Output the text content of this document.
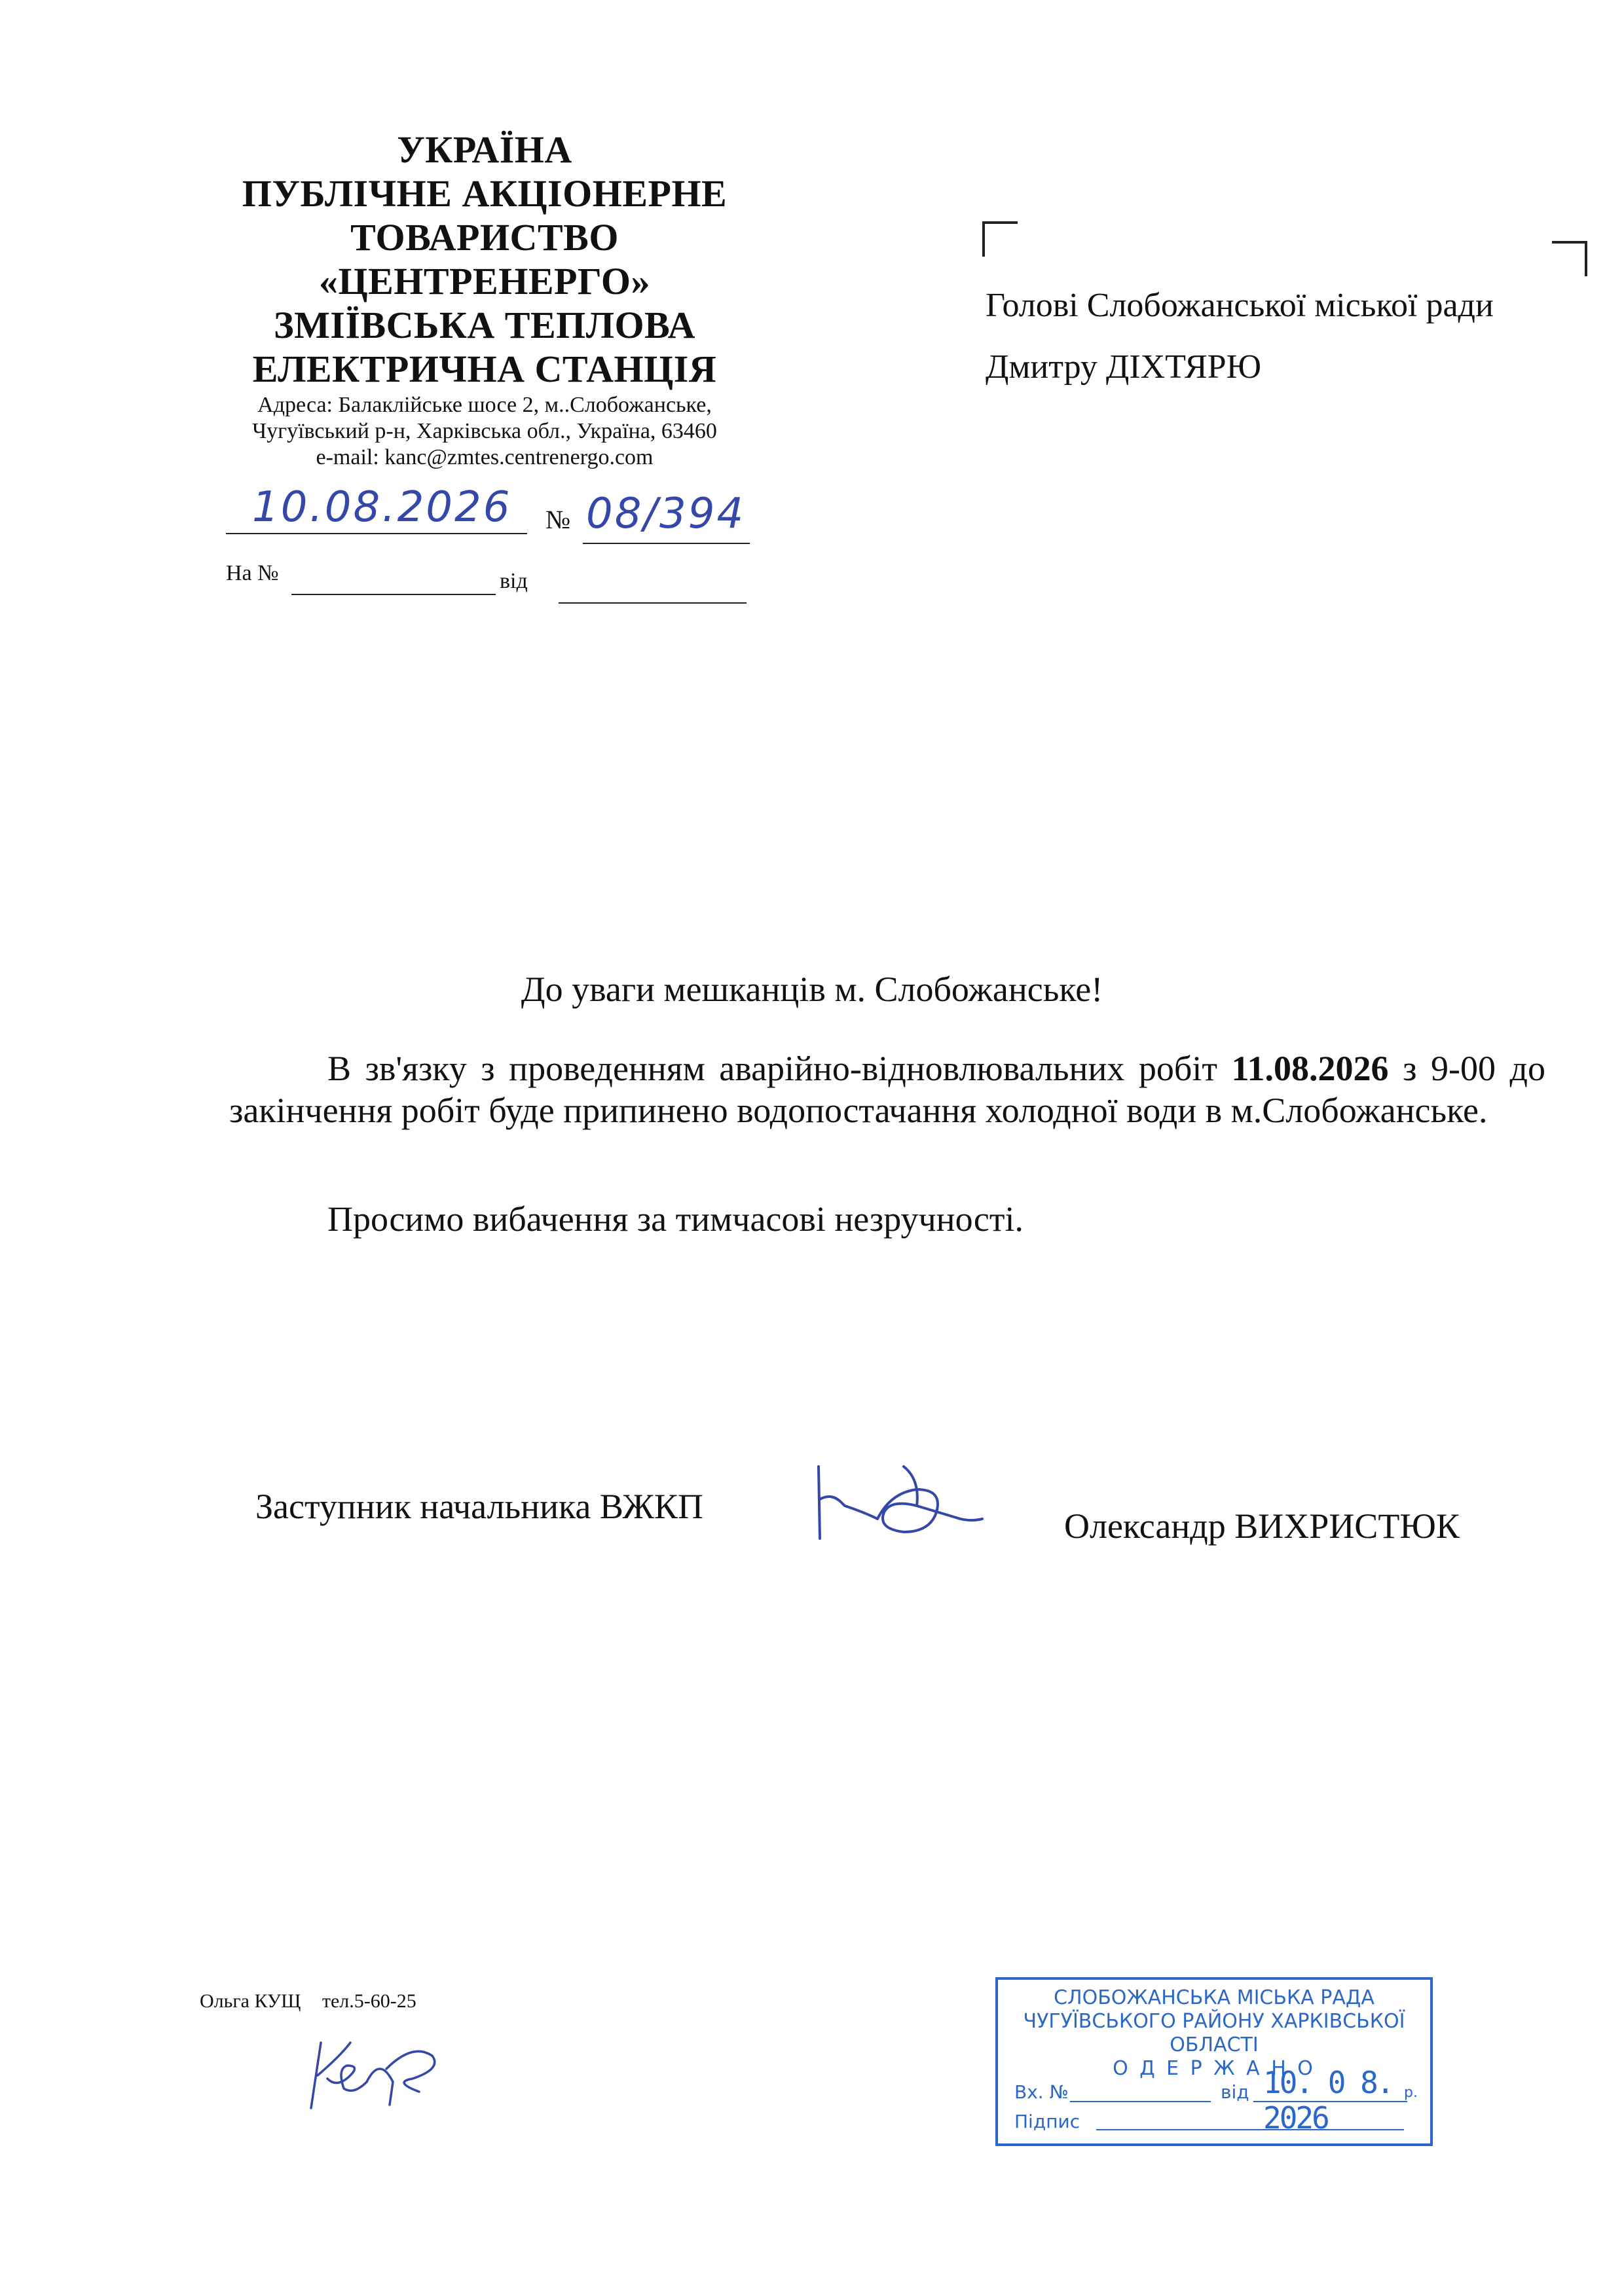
УКРАЇНА

ПУБЛІЧНЕ АКЦІОНЕРНЕ

ТОВАРИСТВО

«ЦЕНТРЕНЕРГО»

ЗМІЇВСЬКА ТЕПЛОВА

ЕЛЕКТРИЧНА СТАНЦІЯ

Адреса: Балаклійське шосе 2, м..Слобожанське,

Чугуївський р-н, Харківська обл., Україна, 63460

e-mail: kanc@zmtes.centrenergo.com

10.08.2026 № 08/394
На №	від
Голові Слобожанської міської ради
Дмитру ДІХТЯРЮ
До уваги мешканців м. Слобожанське!
В зв'язку з проведенням аварійно-відновлювальних робіт 11.08.2026 з 9-00 до закінчення робіт буде припинено водопостачання холодної води в м.Слобожанське.
Просимо вибачення за тимчасові незручності.
Заступник начальника ВЖКП	Олександр ВИХРИСТЮК
Ольга КУЩ тел.5-60-25	СЛОБОЖАНСЬКА МІСЬКА РАДА
ЧУГУЇВСЬКОГО РАЙОНУ ХАРКІВСЬКОЇ ОБЛАСТІ
О Д Е Р Ж А Н О
Вх. №	від 10. 0 8. 2026
р.
Підпис
